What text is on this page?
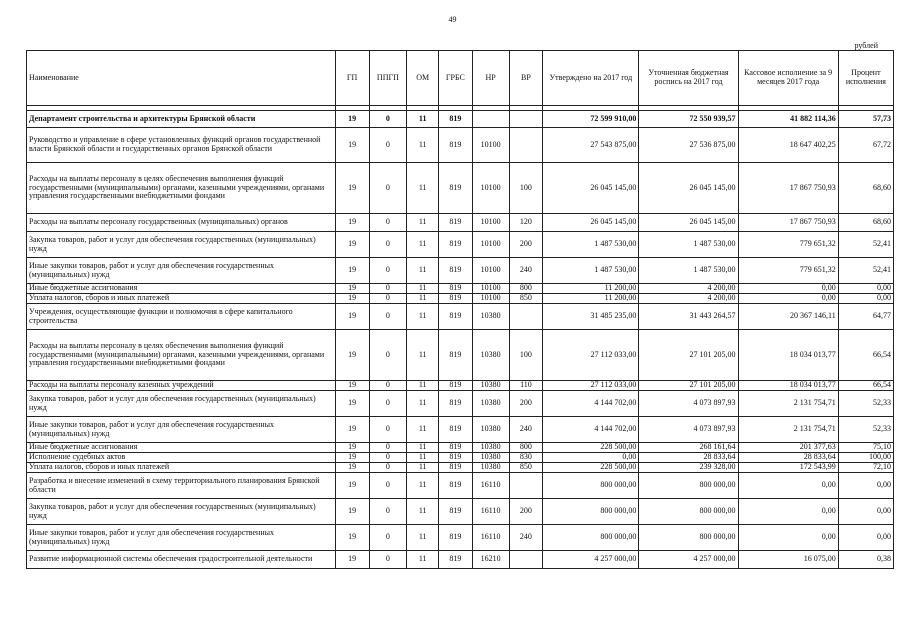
49
рублей
Наименование	ГП	ППГП	ОМ	ГРБС	НР	ВР	Утверждено на 2017 год	Уточненная бюджетная роспись на 2017 год	Кассовое исполнение за 9 месяцев 2017 года	Процент исполнения

Департамент строительства и архитектуры Брянской области	19	0	11	819			72 599 910,00	72 550 939,57	41 882 114,36	57,73
Руководство и управление в сфере установленных функций органов государственной власти Брянской области и государственных органов Брянской области	19	0	11	819	10100		27 543 875,00	27 536 875,00	18 647 402,25	67,72
Расходы на выплаты персоналу в целях обеспечения выполнения функций государственными (муниципальными) органами, казенными учреждениями, органами управления государственными внебюджетными фондами	19	0	11	819	10100	100	26 045 145,00	26 045 145,00	17 867 750,93	68,60
Расходы на выплаты персоналу государственных (муниципальных) органов	19	0	11	819	10100	120	26 045 145,00	26 045 145,00	17 867 750,93	68,60
Закупка товаров, работ и услуг для обеспечения государственных (муниципальных) нужд	19	0	11	819	10100	200	1 487 530,00	1 487 530,00	779 651,32	52,41
Иные закупки товаров, работ и услуг для обеспечения государственных (муниципальных) нужд	19	0	11	819	10100	240	1 487 530,00	1 487 530,00	779 651,32	52,41
Иные бюджетные ассигнования	19	0	11	819	10100	800	11 200,00	4 200,00	0,00	0,00
Уплата налогов, сборов и иных платежей	19	0	11	819	10100	850	11 200,00	4 200,00	0,00	0,00
Учреждения, осуществляющие функции и полномочия в сфере капитального строительства	19	0	11	819	10380		31 485 235,00	31 443 264,57	20 367 146,11	64,77
Расходы на выплаты персоналу в целях обеспечения выполнения функций государственными (муниципальными) органами, казенными учреждениями, органами управления государственными внебюджетными фондами	19	0	11	819	10380	100	27 112 033,00	27 101 205,00	18 034 013,77	66,54
Расходы на выплаты персоналу казенных учреждений	19	0	11	819	10380	110	27 112 033,00	27 101 205,00	18 034 013,77	66,54
Закупка товаров, работ и услуг для обеспечения государственных (муниципальных) нужд	19	0	11	819	10380	200	4 144 702,00	4 073 897,93	2 131 754,71	52,33
Иные закупки товаров, работ и услуг для обеспечения государственных (муниципальных) нужд	19	0	11	819	10380	240	4 144 702,00	4 073 897,93	2 131 754,71	52,33
Иные бюджетные ассигнования	19	0	11	819	10380	800	228 500,00	268 161,64	201 377,63	75,10
Исполнение судебных актов	19	0	11	819	10380	830	0,00	28 833,64	28 833,64	100,00
Уплата налогов, сборов и иных платежей	19	0	11	819	10380	850	228 500,00	239 328,00	172 543,99	72,10
Разработка и внесение изменений в схему территориального планирования Брянской области	19	0	11	819	16110		800 000,00	800 000,00	0,00	0,00
Закупка товаров, работ и услуг для обеспечения государственных (муниципальных) нужд	19	0	11	819	16110	200	800 000,00	800 000,00	0,00	0,00
Иные закупки товаров, работ и услуг для обеспечения государственных (муниципальных) нужд	19	0	11	819	16110	240	800 000,00	800 000,00	0,00	0,00
Развитие информационной системы обеспечения градостроительной деятельности	19	0	11	819	16210		4 257 000,00	4 257 000,00	16 075,00	0,38
